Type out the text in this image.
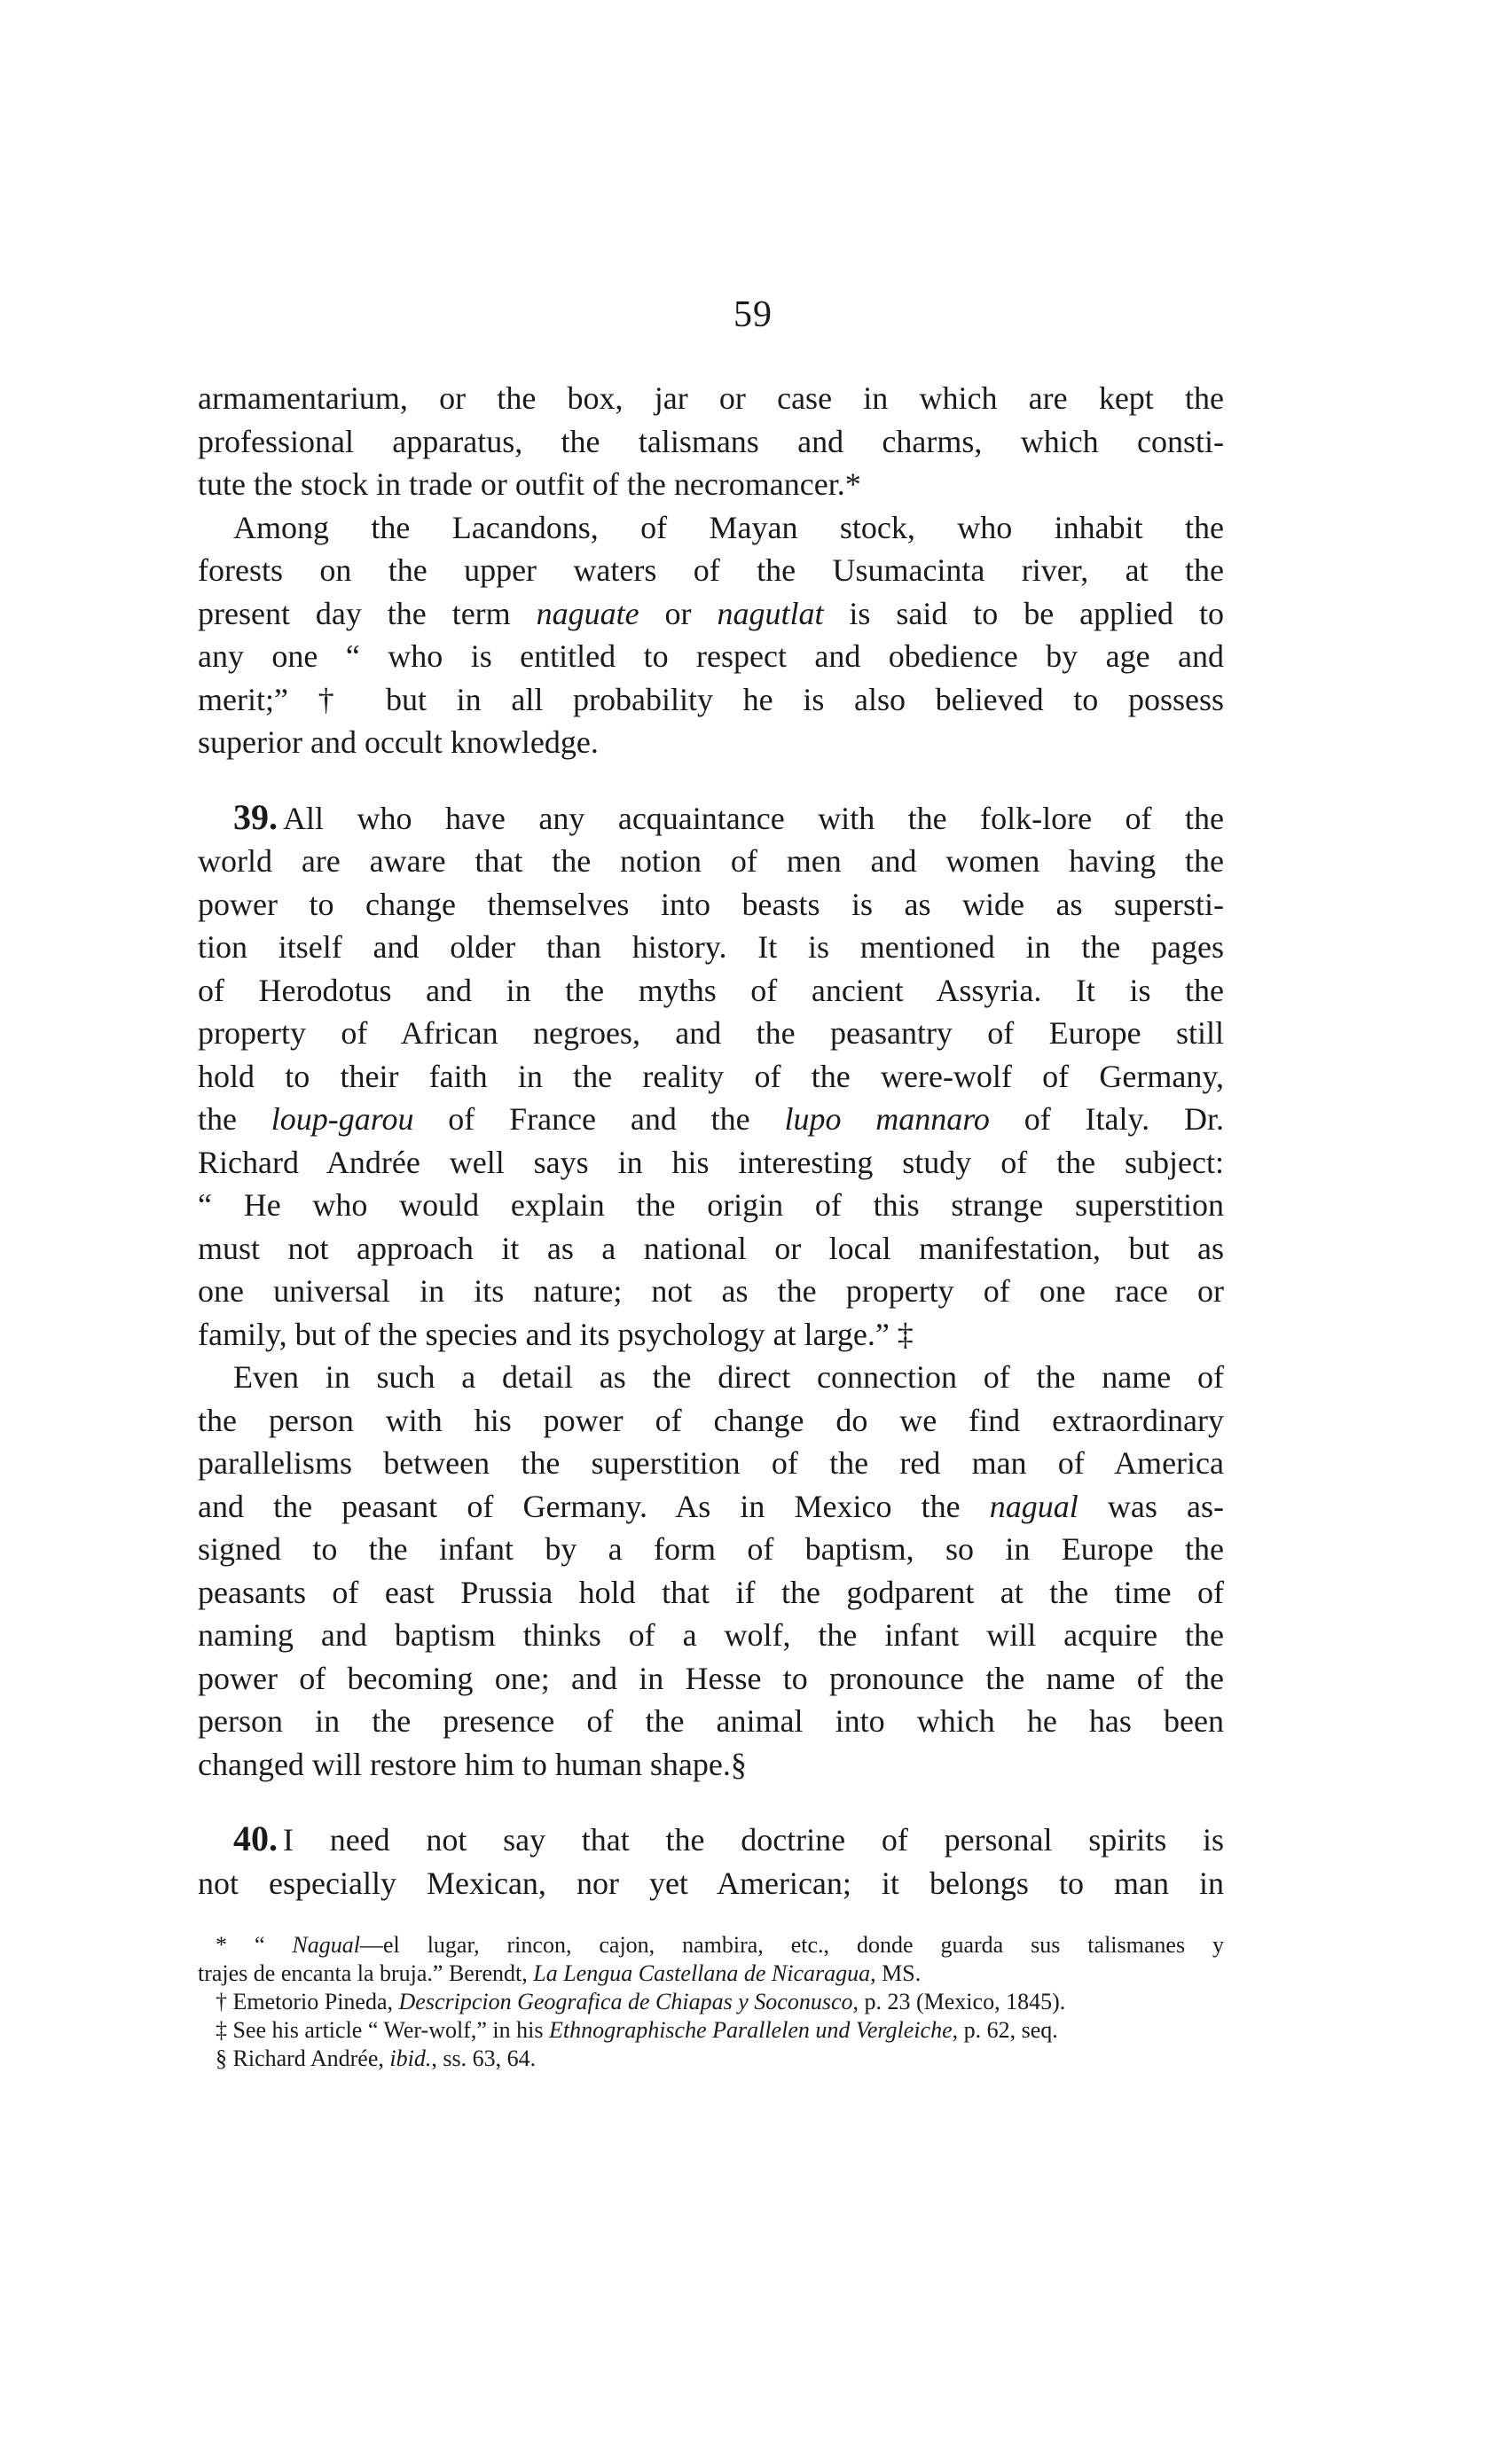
59

armamentarium, or the box, jar or case in which are kept the
professional apparatus, the talismans and charms, which consti-
tute the stock in trade or outfit of the necromancer.*

Among the Lacandons, of Mayan stock, who inhabit the
forests on the upper waters of the Usumacinta river, at the
present day the term naguate or nagutlat is said to be applied to
any one “ who is entitled to respect and obedience by age and
merit;” † but in all probability he is also believed to possess
superior and occult knowledge.

39. All who have any acquaintance with the folk-lore of the
world are aware that the notion of men and women having the
power to change themselves into beasts is as wide as supersti-
tion itself and older than history. It is mentioned in the pages
of Herodotus and in the myths of ancient Assyria. It is the
property of African negroes, and the peasantry of Europe still
hold to their faith in the reality of the were-wolf of Germany,
the loup-garou of France and the lupo mannaro of Italy. Dr.
Richard Andrée well says in his interesting study of the subject:
“ He who would explain the origin of this strange superstition
must not approach it as a national or local manifestation, but as
one universal in its nature; not as the property of one race or
family, but of the species and its psychology at large.” ‡

Even in such a detail as the direct connection of the name of
the person with his power of change do we find extraordinary
parallelisms between the superstition of the red man of America
and the peasant of Germany. As in Mexico the nagual was as-
signed to the infant by a form of baptism, so in Europe the
peasants of east Prussia hold that if the godparent at the time of
naming and baptism thinks of a wolf, the infant will acquire the
power of becoming one; and in Hesse to pronounce the name of the
person in the presence of the animal into which he has been
changed will restore him to human shape.§

40. I need not say that the doctrine of personal spirits is
not especially Mexican, nor yet American; it belongs to man in

* “ Nagual—el lugar, rincon, cajon, nambira, etc., donde guarda sus talismanes y
trajes de encanta la bruja.” Berendt, La Lengua Castellana de Nicaragua, MS.
† Emetorio Pineda, Descripcion Geografica de Chiapas y Soconusco, p. 23 (Mexico, 1845).
‡ See his article “ Wer-wolf,” in his Ethnographische Parallelen und Vergleiche, p. 62, seq.
§ Richard Andrée, ibid., ss. 63, 64.
